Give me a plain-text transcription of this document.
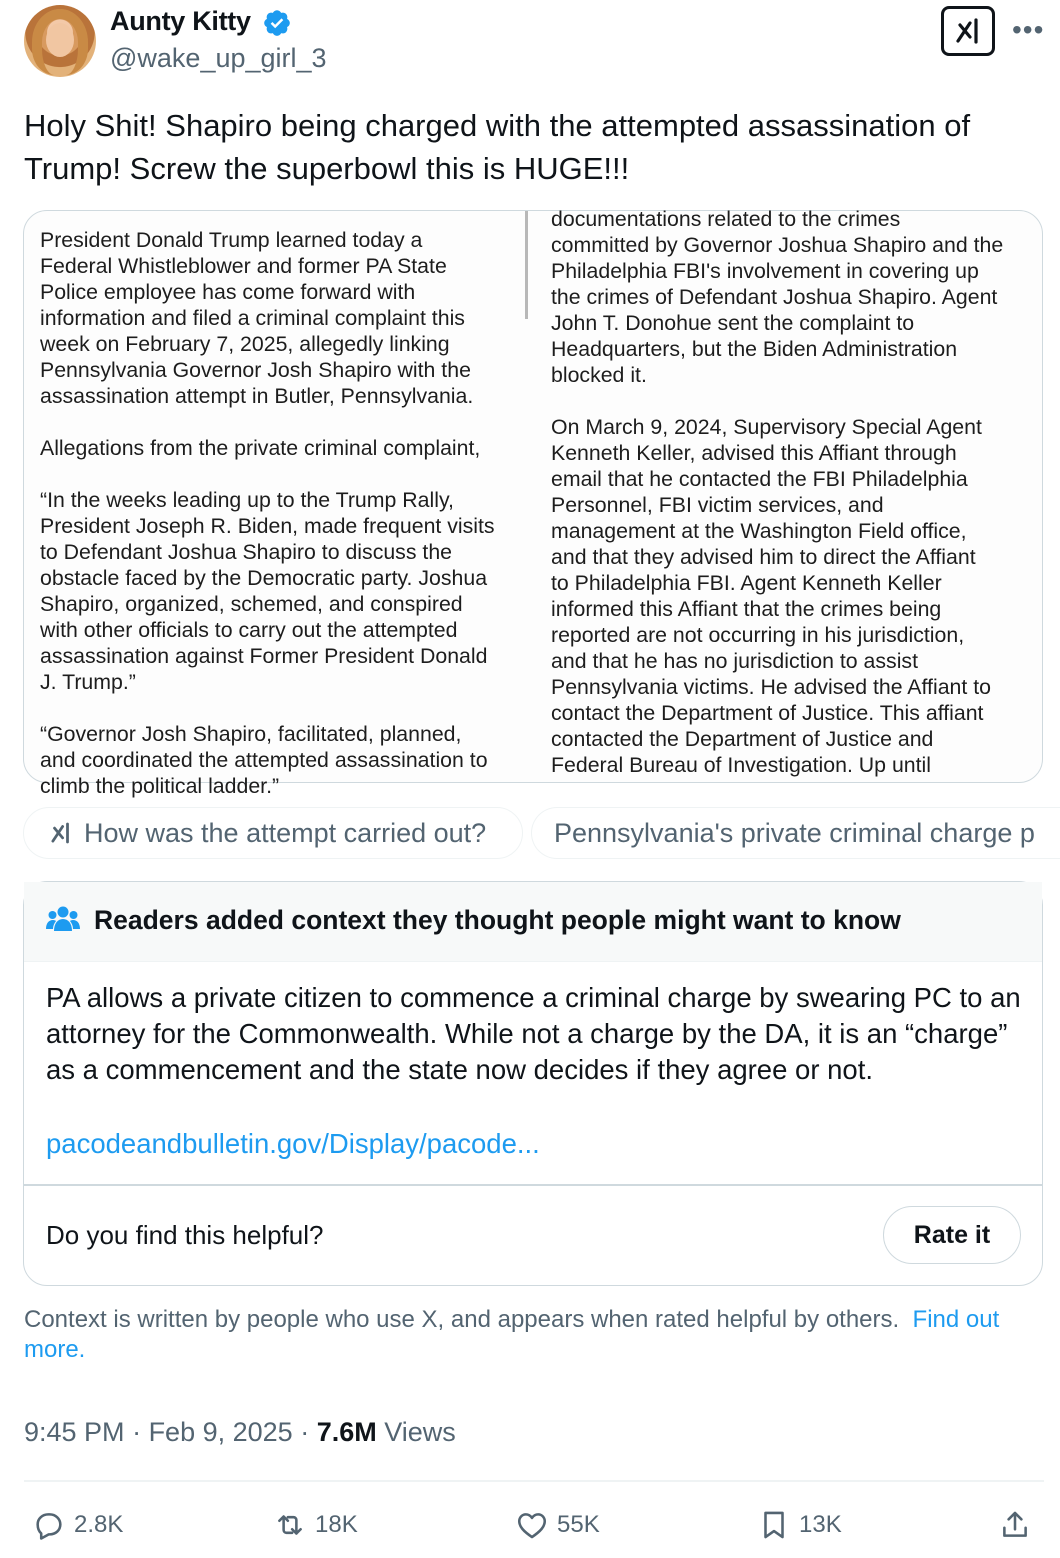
Aunty Kitty
@wake_up_girl_3
•••
Holy Shit! Shapiro being charged with the attempted assassination of Trump! Screw the superbowl this is HUGE!!!
President Donald Trump learned today a
Federal Whistleblower and former PA State
Police employee has come forward with
information and filed a criminal complaint this
week on February 7, 2025, allegedly linking
Pennsylvania Governor Josh Shapiro with the
assassination attempt in Butler, Pennsylvania.

Allegations from the private criminal complaint,

“In the weeks leading up to the Trump Rally,
President Joseph R. Biden, made frequent visits
to Defendant Joshua Shapiro to discuss the
obstacle faced by the Democratic party. Joshua
Shapiro, organized, schemed, and conspired
with other officials to carry out the attempted
assassination against Former President Donald
J. Trump.”

“Governor Josh Shapiro, facilitated, planned,
and coordinated the attempted assassination to
climb the political ladder.”
documentations related to the crimes
committed by Governor Joshua Shapiro and the
Philadelphia FBI's involvement in covering up
the crimes of Defendant Joshua Shapiro. Agent
John T. Donohue sent the complaint to
Headquarters, but the Biden Administration
blocked it.

On March 9, 2024, Supervisory Special Agent
Kenneth Keller, advised this Affiant through
email that he contacted the FBI Philadelphia
Personnel, FBI victim services, and
management at the Washington Field office,
and that they advised him to direct the Affiant
to Philadelphia FBI. Agent Kenneth Keller
informed this Affiant that the crimes being
reported are not occurring in his jurisdiction,
and that he has no jurisdiction to assist
Pennsylvania victims. He advised the Affiant to
contact the Department of Justice. This affiant
contacted the Department of Justice and
Federal Bureau of Investigation. Up until
How was the attempt carried out?	Pennsylvania's private criminal charge p
Readers added context they thought people might want to know
PA allows a private citizen to commence a criminal charge by swearing PC to an attorney for the Commonwealth. While not a charge by the DA, it is an “charge” as a commencement and the state now decides if they agree or not.
pacodeandbulletin.gov/Display/pacode...
Do you find this helpful?	Rate it
Context is written by people who use X, and appears when rated helpful by others. Find out more.
9:45 PM · Feb 9, 2025 · 7.6M Views
2.8K	18K	55K	13K
